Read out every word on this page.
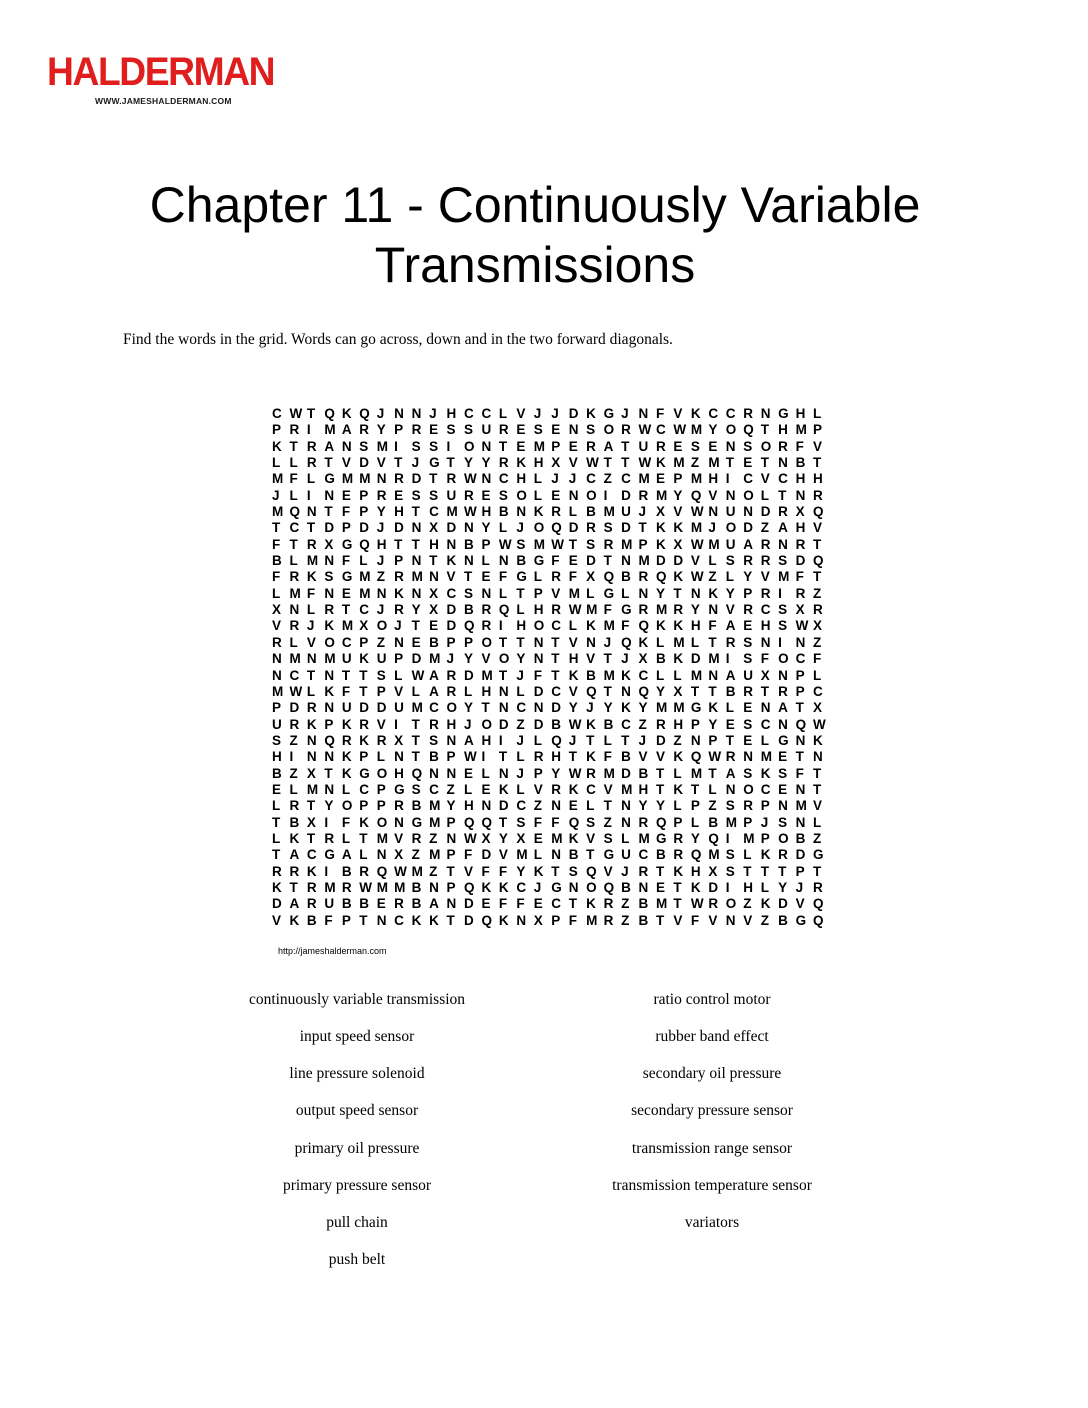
HALDERMAN
WWW.JAMESHALDERMAN.COM
Chapter 11 - Continuously Variable Transmissions

Find the words in the grid. Words can go across, down and in the two forward diagonals.

C W T Q K Q J N N J H C C L V J J D K G J N F V K C C R N G H L
P R I M A R Y P R E S S U R E S E N S O R W C W M Y O Q T H M P
K T R A N S M I S S I O N T E M P E R A T U R E S E N S O R F V
L L R T V D V T J G T Y Y R K H X V W T T W K M Z M T E T N B T
M F L G M M N R D T R W N C H L J J C Z C M E P M H I C V C H H
J L I N E P R E S S U R E S O L E N O I D R M Y Q V N O L T N R
M Q N T F P Y H T C M W H B N K R L B M U J X V W N U N D R X Q
T C T D P D J D N X D N Y L J O Q D R S D T K K M J O D Z A H V
F T R X G Q H T T H N B P W S M W T S R M P K X W M U A R N R T
B L M N F L J P N T K N L N B G F E D T N M D D V L S R R S D Q
F R K S G M Z R M N V T E F G L R F X Q B R Q K W Z L Y V M F T
L M F N E M N K N X C S N L T P V M L G L N Y T N K Y P R I R Z
X N L R T C J R Y X D B R Q L H R W M F G R M R Y N V R C S X R
V R J K M X O J T E D Q R I H O C L K M F Q K K H F A E H S W X
R L V O C P Z N E B P P O T T N T V N J Q K L M L T R S N I N Z
N M N M U K U P D M J Y V O Y N T H V T J X B K D M I S F O C F
N C T N T T S L W A R D M T J F T K B M K C L L M N A U X N P L
M W L K F T P V L A R L H N L D C V Q T N Q Y X T T B R T R P C
P D R N U D D U M C O Y T N C N D Y J Y K Y M M G K L E N A T X
U R K P K R V I T R H J O D Z D B W K B C Z R H P Y E S C N Q W
S Z N Q R K R X T S N A H I J L Q J T L T J D Z N P T E L G N K
H I N N K P L N T B P W I T L R H T K F B V V K Q W R N M E T N
B Z X T K G O H Q N N E L N J P Y W R M D B T L M T A S K S F T
E L M N L C P G S C Z L E K L V R K C V M H T K T L N O C E N T
L R T Y O P P R B M Y H N D C Z N E L T N Y Y L P Z S R P N M V
T B X I F K O N G M P Q Q T S F F Q S Z N R Q P L B M P J S N L
L K T R L T M V R Z N W X Y X E M K V S L M G R Y Q I M P O B Z
T A C G A L N X Z M P F D V M L N B T G U C B R Q M S L K R D G
R R K I B R Q W M Z T V F F Y K T S Q V J R T K H X S T T T P T
K T R M R W M M B N P Q K K C J G N O Q B N E T K D I H L Y J R
D A R U B B E R B A N D E F F E C T K R Z B M T W R O Z K D V Q
V K B F P T N C K K T D Q K N X P F M R Z B T V F V N V Z B G Q
http://jameshalderman.com
continuously variable transmission
input speed sensor
line pressure solenoid
output speed sensor
primary oil pressure
primary pressure sensor
pull chain
push belt
ratio control motor
rubber band effect
secondary oil pressure
secondary pressure sensor
transmission range sensor
transmission temperature sensor
variators
